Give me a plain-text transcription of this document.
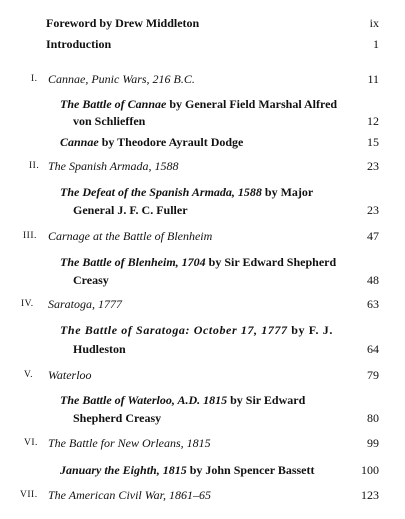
Foreword by Drew Middleton	ix
Introduction	1
I. Cannae, Punic Wars, 216 B.C.	11
The Battle of Cannae by General Field Marshal Alfred
von Schlieffen	12
Cannae by Theodore Ayrault Dodge	15
II. The Spanish Armada, 1588	23
The Defeat of the Spanish Armada, 1588 by Major
General J. F. C. Fuller	23
III. Carnage at the Battle of Blenheim	47
The Battle of Blenheim, 1704 by Sir Edward Shepherd
Creasy	48
IV. Saratoga, 1777	63
The Battle of Saratoga: October 17, 1777 by F. J.
Hudleston	64
V. Waterloo	79
The Battle of Waterloo, A.D. 1815 by Sir Edward
Shepherd Creasy	80
VI. The Battle for New Orleans, 1815	99
January the Eighth, 1815 by John Spencer Bassett	100
VII. The American Civil War, 1861–65	123
